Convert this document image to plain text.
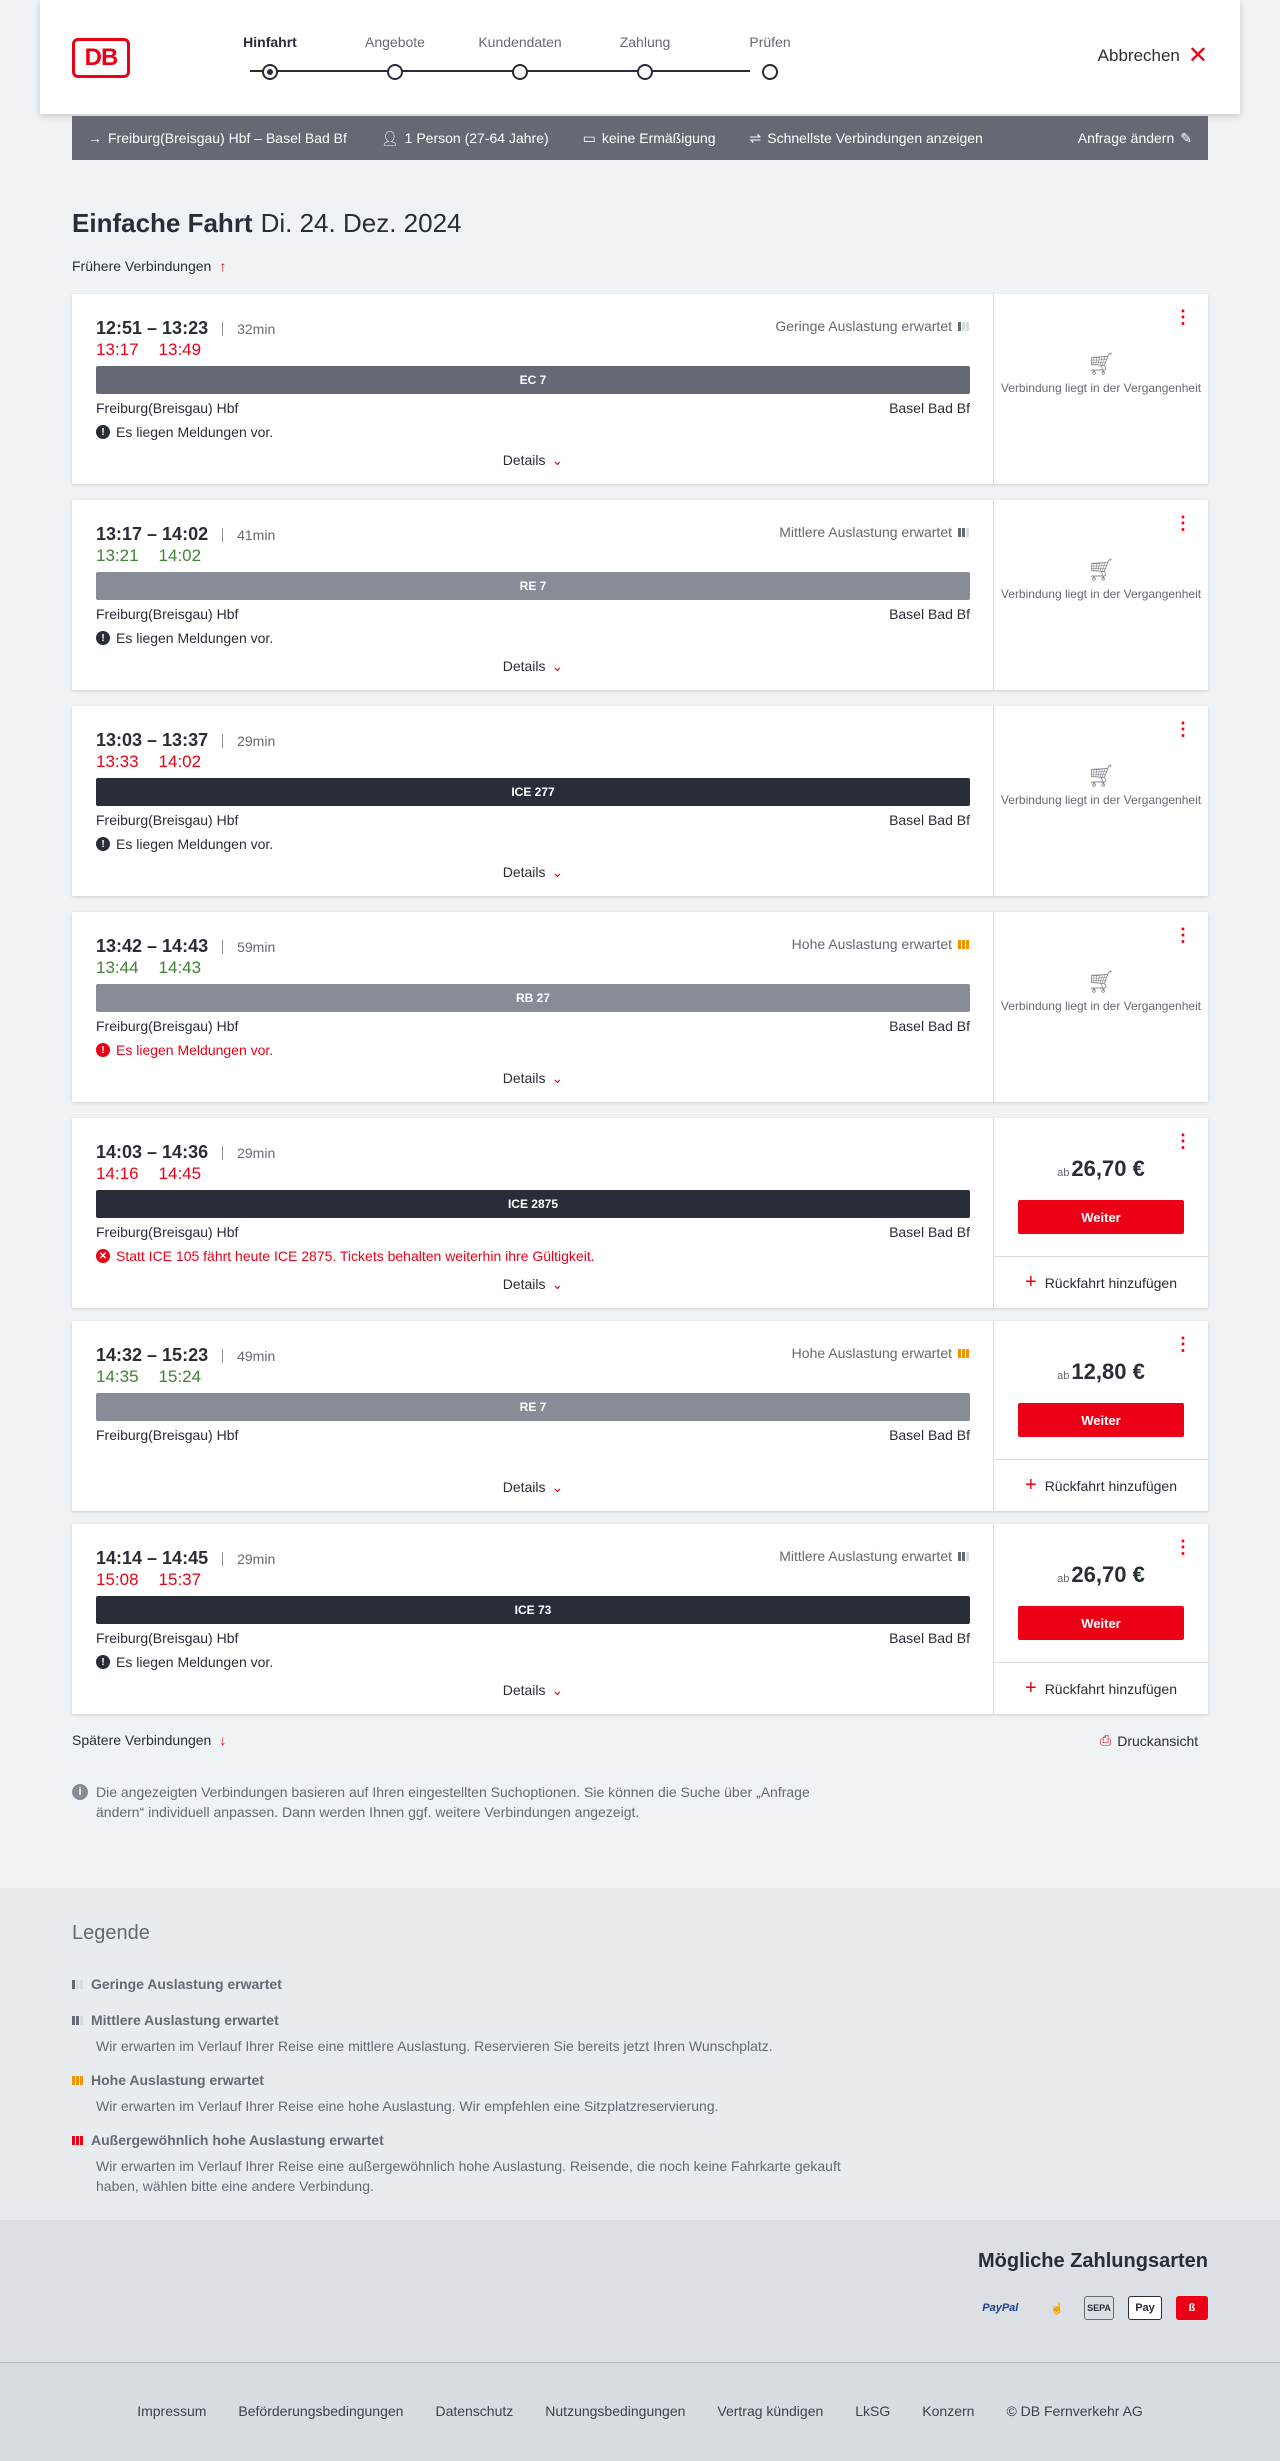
DB
Hinfahrt	Angebote	Kundendaten	Zahlung	Prüfen
Abbrechen ✕
→ Freiburg(Breisgau) Hbf – Basel Bad Bf 👤︎ 1 Person (27-64 Jahre) ▭ keine Ermäßigung ⇌ Schnellste Verbindungen anzeigen	Anfrage ändern ✎
Einfache Fahrt Di. 24. Dez. 2024
Frühere Verbindungen ↑
12:51 – 13:23 32min
13:17 13:49
Geringe Auslastung erwartet
EC 7
Freiburg(Breisgau) Hbf	Basel Bad Bf
! Es liegen Meldungen vor.
Details ⌄
⋮
🛒︎
Verbindung liegt in der Vergangenheit
13:17 – 14:02 41min
13:21 14:02
Mittlere Auslastung erwartet
RE 7
Freiburg(Breisgau) Hbf	Basel Bad Bf
! Es liegen Meldungen vor.
Details ⌄
⋮
🛒︎
Verbindung liegt in der Vergangenheit
13:03 – 13:37 29min
13:33 14:02
ICE 277
Freiburg(Breisgau) Hbf	Basel Bad Bf
! Es liegen Meldungen vor.
Details ⌄
⋮
🛒︎
Verbindung liegt in der Vergangenheit
13:42 – 14:43 59min
13:44 14:43
Hohe Auslastung erwartet
RB 27
Freiburg(Breisgau) Hbf	Basel Bad Bf
! Es liegen Meldungen vor.
Details ⌄
⋮
🛒︎
Verbindung liegt in der Vergangenheit
14:03 – 14:36 29min
14:16 14:45
ICE 2875
Freiburg(Breisgau) Hbf	Basel Bad Bf
✕ Statt ICE 105 fährt heute ICE 2875. Tickets behalten weiterhin ihre Gültigkeit.
Details ⌄
⋮
ab26,70 €
Weiter
+ Rückfahrt hinzufügen
14:32 – 15:23 49min
14:35 15:24
Hohe Auslastung erwartet
RE 7
Freiburg(Breisgau) Hbf	Basel Bad Bf
Details ⌄
⋮
ab12,80 €
Weiter
+ Rückfahrt hinzufügen
14:14 – 14:45 29min
15:08 15:37
Mittlere Auslastung erwartet
ICE 73
Freiburg(Breisgau) Hbf	Basel Bad Bf
! Es liegen Meldungen vor.
Details ⌄
⋮
ab26,70 €
Weiter
+ Rückfahrt hinzufügen
Spätere Verbindungen ↓	⎙ Druckansicht
i	Die angezeigten Verbindungen basieren auf Ihren eingestellten Suchoptionen. Sie können die Suche über „Anfrage ändern“ individuell anpassen. Dann werden Ihnen ggf. weitere Verbindungen angezeigt.
Legende
Geringe Auslastung erwartet
Mittlere Auslastung erwartet
Wir erwarten im Verlauf Ihrer Reise eine mittlere Auslastung. Reservieren Sie bereits jetzt Ihren Wunschplatz.
Hohe Auslastung erwartet
Wir erwarten im Verlauf Ihrer Reise eine hohe Auslastung. Wir empfehlen eine Sitzplatzreservierung.
Außergewöhnlich hohe Auslastung erwartet
Wir erwarten im Verlauf Ihrer Reise eine außergewöhnlich hohe Auslastung. Reisende, die noch keine Fahrkarte gekauft haben, wählen bitte eine andere Verbindung.
Mögliche Zahlungsarten
PayPal	☝	SEPA	Pay	ß
Impressum Beförderungsbedingungen Datenschutz Nutzungsbedingungen Vertrag kündigen LkSG Konzern © DB Fernverkehr AG
